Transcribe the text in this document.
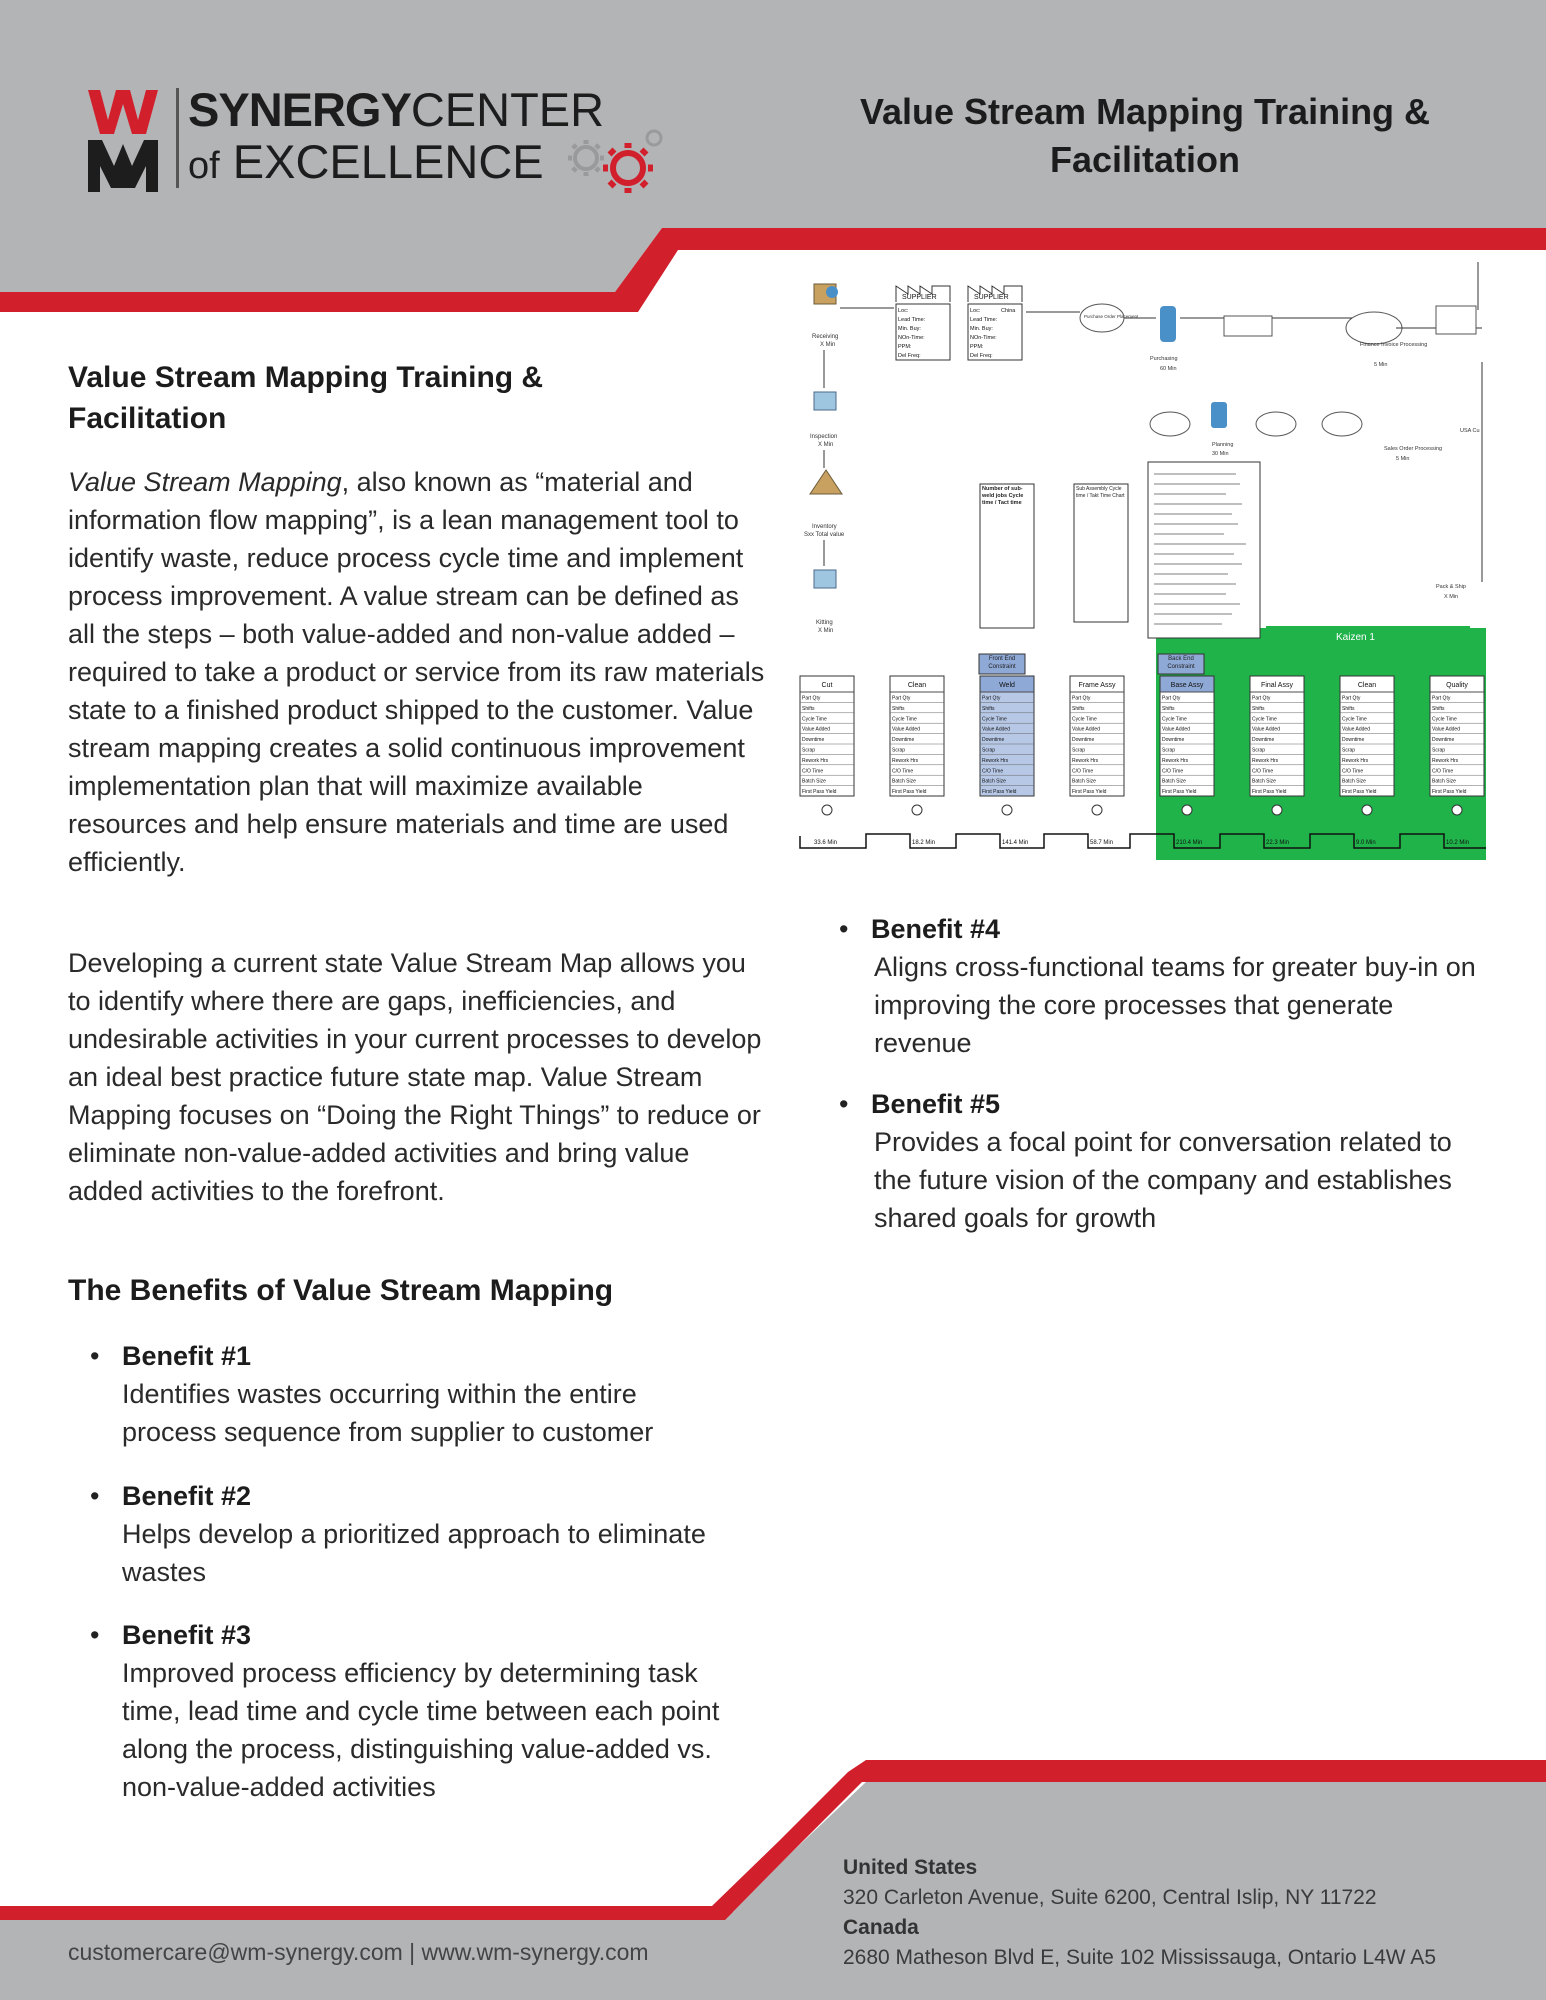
SYNERGYCENTER
of EXCELLENCE
Value Stream Mapping Training & Facilitation
Value Stream Mapping Training & Facilitation

Value Stream Mapping, also known as “material and information flow mapping”, is a lean management tool to identify waste, reduce process cycle time and implement process improvement. A value stream can be defined as all the steps – both value-added and non-value added – required to take a product or service from its raw materials state to a finished product shipped to the customer. Value stream mapping creates a solid continuous improvement implementation plan that will maximize available resources and help ensure materials and time are used efficiently.

Developing a current state Value Stream Map allows you to identify where there are gaps, inefficiencies, and undesirable activities in your current processes to develop an ideal best practice future state map. Value Stream Mapping focuses on “Doing the Right Things” to reduce or eliminate non-value-added activities and bring value added activities to the forefront.

The Benefits of Value Stream Mapping
• Benefit #1
Identifies wastes occurring within the entire process sequence from supplier to customer
• Benefit #2
Helps develop a prioritized approach to eliminate wastes
• Benefit #3
Improved process efficiency by determining task time, lead time and cycle time between each point along the process, distinguishing value-added vs. non-value-added activities
• Benefit #4
Aligns cross-functional teams for greater buy-in on improving the core processes that generate revenue
• Benefit #5
Provides a focal point for conversation related to the future vision of the company and establishes shared goals for growth
Kaizen 1
SUPPLIER
Loc:
Lead Time:
Min. Buy:
NOn-Time:
PPM:
Del Freq:
SUPPLIER
Loc:	China
Lead Time:
Min. Buy:
NOn-Time:
PPM:
Del Freq:
Receiving
X Min
Inspection
X Min
Inventory
Sxx Total value
Kitting
X Min
Purchase Order Placement
Purchasing
60 Min
Finance Invoice Processing
5 Min
Planning
30 Min
Sales Order Processing
5 Min
Pack & Ship
X Min
USA Cu
Number of sub-weld jobs Cycle time / Tact time
Sub Assembly Cycle time / Takt Time Chart
Front End Constraint
Back End Constraint
Cut
Part Qty
Shifts
Cycle Time
Value Added
Downtime
Scrap
Rework Hrs
C/O Time
Batch Size
First Pass Yield
Clean
Part Qty
Shifts
Cycle Time
Value Added
Downtime
Scrap
Rework Hrs
C/O Time
Batch Size
First Pass Yield
Weld
Part Qty
Shifts
Cycle Time
Value Added
Downtime
Scrap
Rework Hrs
C/O Time
Batch Size
First Pass Yield
Frame Assy
Part Qty
Shifts
Cycle Time
Value Added
Downtime
Scrap
Rework Hrs
C/O Time
Batch Size
First Pass Yield
Base Assy
Part Qty
Shifts
Cycle Time
Value Added
Downtime
Scrap
Rework Hrs
C/O Time
Batch Size
First Pass Yield
Final Assy
Part Qty
Shifts
Cycle Time
Value Added
Downtime
Scrap
Rework Hrs
C/O Time
Batch Size
First Pass Yield
Clean
Part Qty
Shifts
Cycle Time
Value Added
Downtime
Scrap
Rework Hrs
C/O Time
Batch Size
First Pass Yield
Quality
Part Qty
Shifts
Cycle Time
Value Added
Downtime
Scrap
Rework Hrs
C/O Time
Batch Size
First Pass Yield
33.6 Min	18.2 Min	141.4 Min	58.7 Min	210.4 Min	22.3 Min	9.0 Min	10.2 Min
customercare@wm-synergy.com | www.wm-synergy.com
United States
320 Carleton Avenue, Suite 6200, Central Islip, NY 11722
Canada
2680 Matheson Blvd E, Suite 102 Mississauga, Ontario L4W A5
